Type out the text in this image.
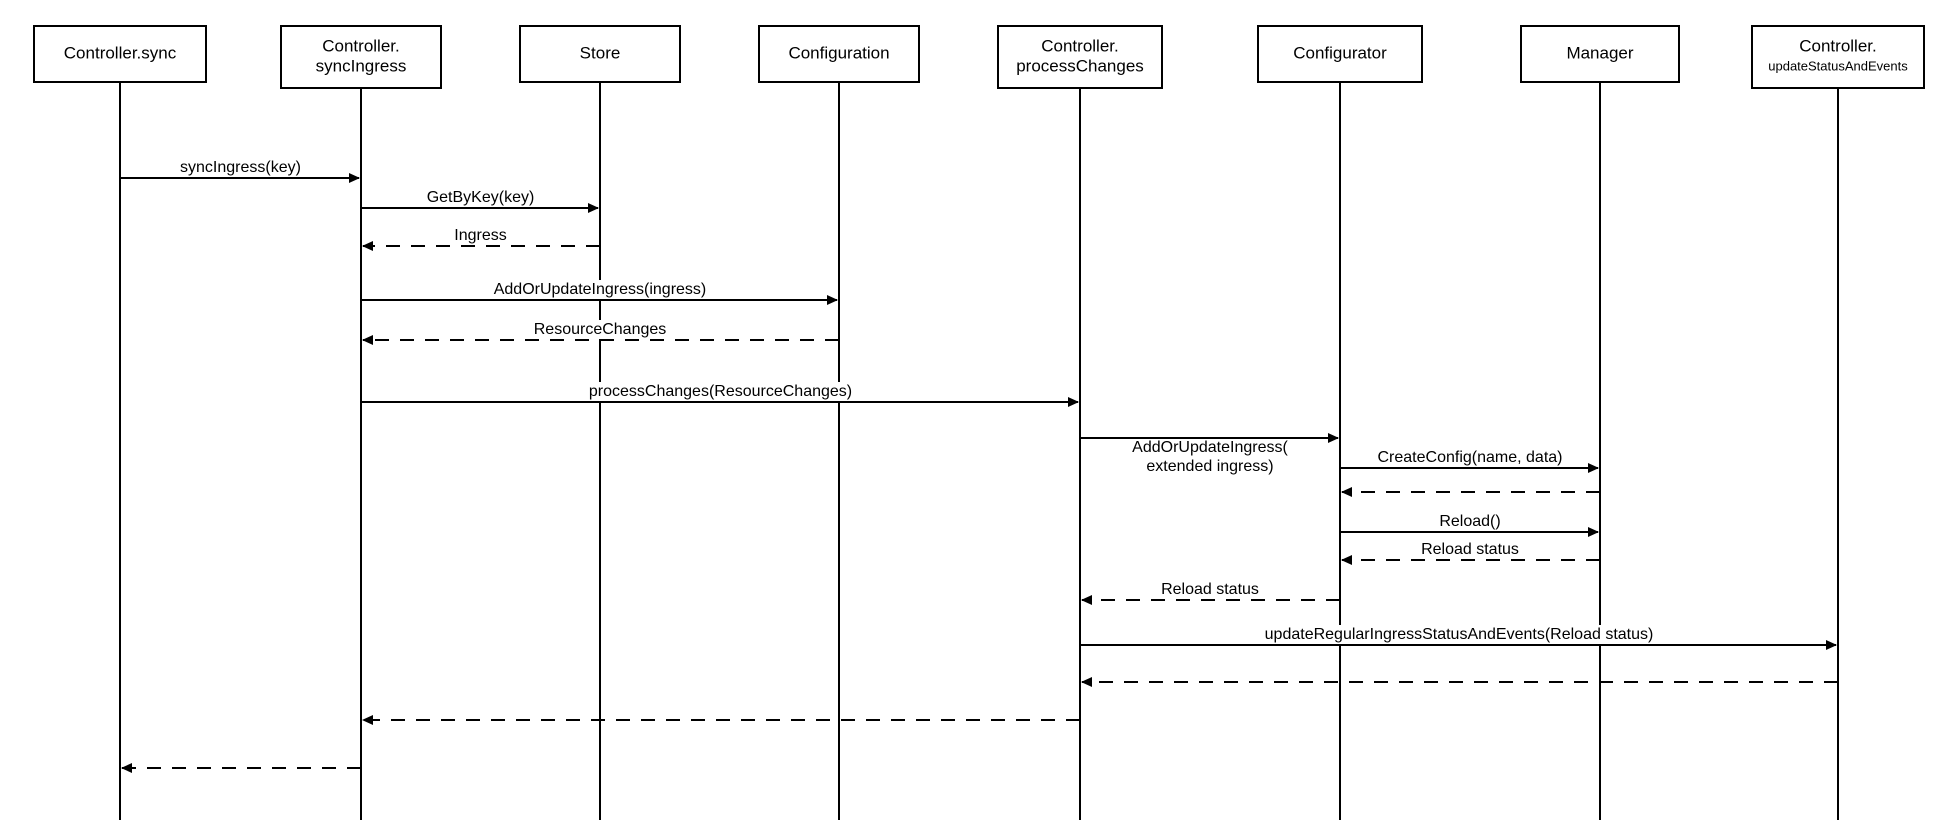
syncIngress(key)
GetByKey(key)
Ingress
AddOrUpdateIngress(ingress)
ResourceChanges
processChanges(ResourceChanges)
AddOrUpdateIngress(
extended ingress)
CreateConfig(name, data)
Reload()
Reload status
Reload status
updateRegularIngressStatusAndEvents(Reload status)
Controller.sync	Controller.
syncIngress
Store	Configuration	Controller.
processChanges
Configurator	Manager	Controller.
updateStatusAndEvents
